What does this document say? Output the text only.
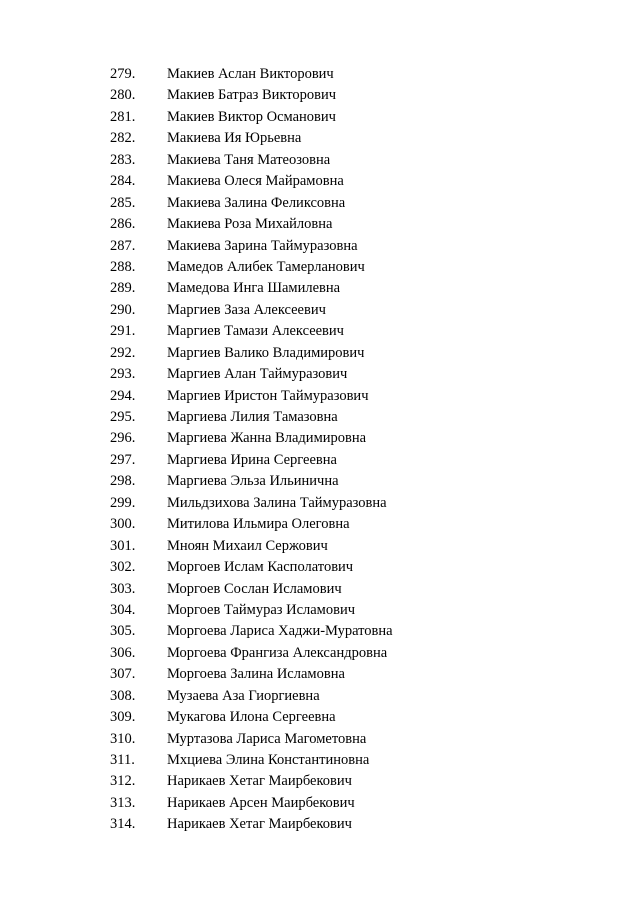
279. Макиев Аслан Викторович
280. Макиев Батраз Викторович
281. Макиев Виктор Османович
282. Макиева Ия Юрьевна
283. Макиева Таня Матеозовна
284. Макиева Олеся Майрамовна
285. Макиева Залина Феликсовна
286. Макиева Роза Михайловна
287. Макиева Зарина Таймуразовна
288. Мамедов Алибек Тамерланович
289. Мамедова Инга Шамилевна
290. Маргиев Заза Алексеевич
291. Маргиев Тамази Алексеевич
292. Маргиев Валико Владимирович
293. Маргиев Алан Таймуразович
294. Маргиев Иристон Таймуразович
295. Маргиева Лилия Тамазовна
296. Маргиева Жанна Владимировна
297. Маргиева Ирина Сергеевна
298. Маргиева Эльза Ильинична
299. Мильдзихова Залина Таймуразовна
300. Митилова Ильмира Олеговна
301. Мноян Михаил Сержович
302. Моргоев Ислам Касполатович
303. Моргоев Сослан Исламович
304. Моргоев Таймураз Исламович
305. Моргоева Лариса Хаджи-Муратовна
306. Моргоева Франгиза Александровна
307. Моргоева Залина Исламовна
308. Музаева Аза Гиоргиевна
309. Мукагова Илона Сергеевна
310. Муртазова Лариса Магометовна
311. Мхциева Элина Константиновна
312. Нарикаев Хетаг Маирбекович
313. Нарикаев Арсен Маирбекович
314. Нарикаев Хетаг Маирбекович
